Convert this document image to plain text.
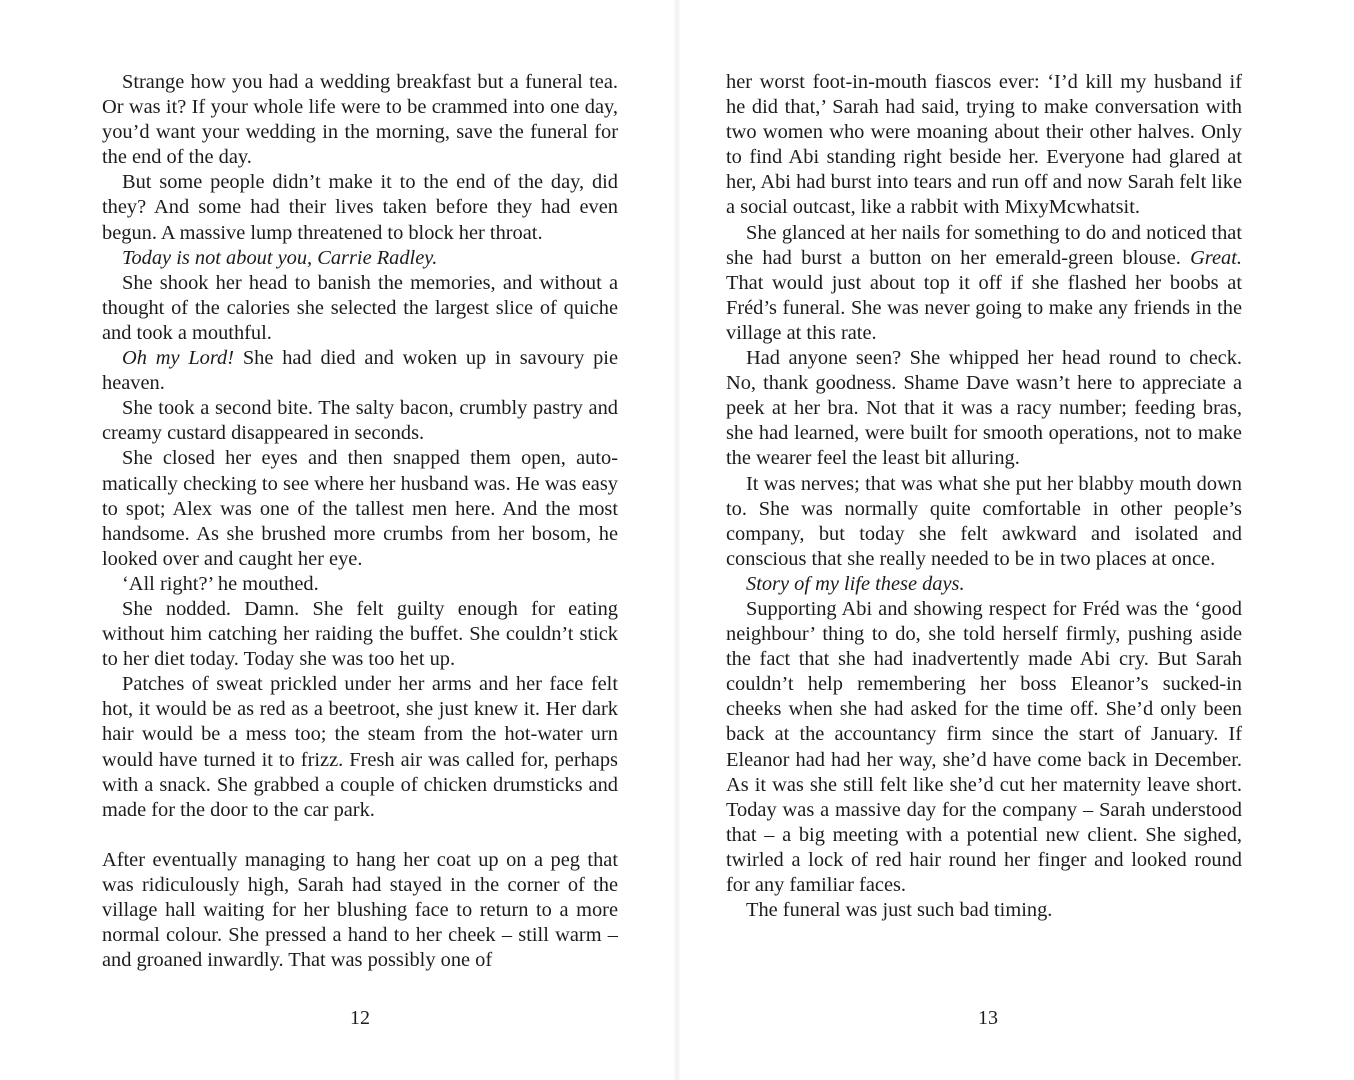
Strange how you had a wedding breakfast but a funeral tea. Or was it? If your whole life were to be crammed into one day, you’d want your wedding in the morning, save the funeral for the end of the day.

But some people didn’t make it to the end of the day, did they? And some had their lives taken before they had even begun. A massive lump threatened to block her throat.

Today is not about you, Carrie Radley.

She shook her head to banish the memories, and without a thought of the calories she selected the largest slice of quiche and took a mouthful.

Oh my Lord! She had died and woken up in savoury pie heaven.

She took a second bite. The salty bacon, crumbly pastry and creamy custard disappeared in seconds.

She closed her eyes and then snapped them open, automatically checking to see where her husband was. He was easy to spot; Alex was one of the tallest men here. And the most handsome. As she brushed more crumbs from her bosom, he looked over and caught her eye.

‘All right?’ he mouthed.

She nodded. Damn. She felt guilty enough for eating without him catching her raiding the buffet. She couldn’t stick to her diet today. Today she was too het up.

Patches of sweat prickled under her arms and her face felt hot, it would be as red as a beetroot, she just knew it. Her dark hair would be a mess too; the steam from the hot-water urn would have turned it to frizz. Fresh air was called for, perhaps with a snack. She grabbed a couple of chicken drumsticks and made for the door to the car park.

After eventually managing to hang her coat up on a peg that was ridiculously high, Sarah had stayed in the corner of the village hall waiting for her blushing face to return to a more normal colour. She pressed a hand to her cheek – still warm – and groaned inwardly. That was possibly one of

her worst foot-in-mouth fiascos ever: ‘I’d kill my husband if he did that,’ Sarah had said, trying to make conversation with two women who were moaning about their other halves. Only to find Abi standing right beside her. Everyone had glared at her, Abi had burst into tears and run off and now Sarah felt like a social outcast, like a rabbit with MixyMcwhatsit.

She glanced at her nails for something to do and noticed that she had burst a button on her emerald-green blouse. Great. That would just about top it off if she flashed her boobs at Fréd’s funeral. She was never going to make any friends in the village at this rate.

Had anyone seen? She whipped her head round to check. No, thank goodness. Shame Dave wasn’t here to appreciate a peek at her bra. Not that it was a racy number; feeding bras, she had learned, were built for smooth operations, not to make the wearer feel the least bit alluring.

It was nerves; that was what she put her blabby mouth down to. She was normally quite comfortable in other people’s company, but today she felt awkward and isolated and conscious that she really needed to be in two places at once.

Story of my life these days.

Supporting Abi and showing respect for Fréd was the ‘good neighbour’ thing to do, she told herself firmly, pushing aside the fact that she had inadvertently made Abi cry. But Sarah couldn’t help remembering her boss Eleanor’s sucked-in cheeks when she had asked for the time off. She’d only been back at the accountancy firm since the start of January. If Eleanor had had her way, she’d have come back in December. As it was she still felt like she’d cut her maternity leave short. Today was a massive day for the company – Sarah understood that – a big meeting with a potential new client. She sighed, twirled a lock of red hair round her finger and looked round for any familiar faces.

The funeral was just such bad timing.

12	13
